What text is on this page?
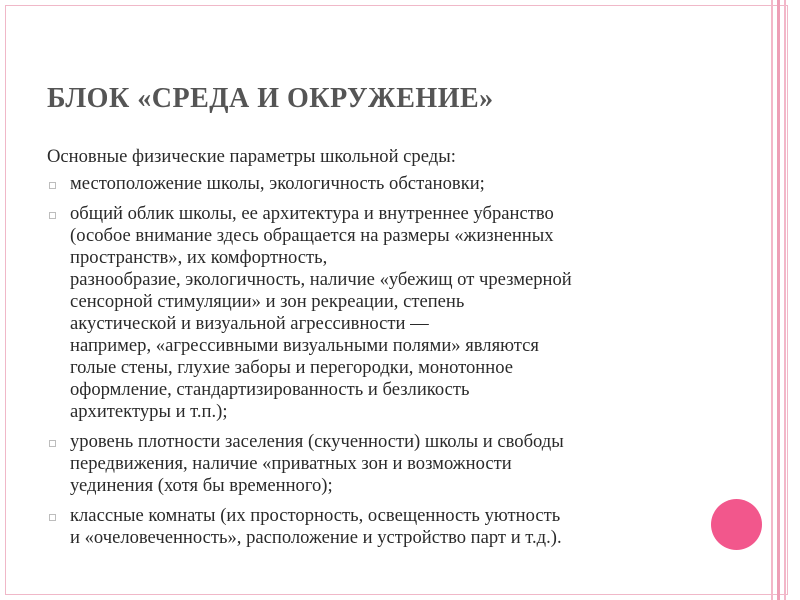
БЛОК «СРЕДА И ОКРУЖЕНИЕ»

Основные физические параметры школьной среды:

местоположение школы, экологичность обстановки;
общий облик школы, ее архитектура и внутреннее убранство
(особое внимание здесь обращается на размеры «жизненных
пространств», их комфортность,
разнообразие, экологичность, наличие «убежищ от чрезмерной
сенсорной стимуляции» и зон рекреации, степень
акустической и визуальной агрессивности —
например, «агрессивными визуальными полями» являются
голые стены, глухие заборы и перегородки, монотонное
оформление, стандартизированность и безликость
архитектуры и т.п.);
уровень плотности заселения (скученности) школы и свободы
передвижения, наличие «приватных зон и возможности
уединения (хотя бы временного);
классные комнаты (их просторность, освещенность уютность
и «очеловеченность», расположение и устройство парт и т.д.).
